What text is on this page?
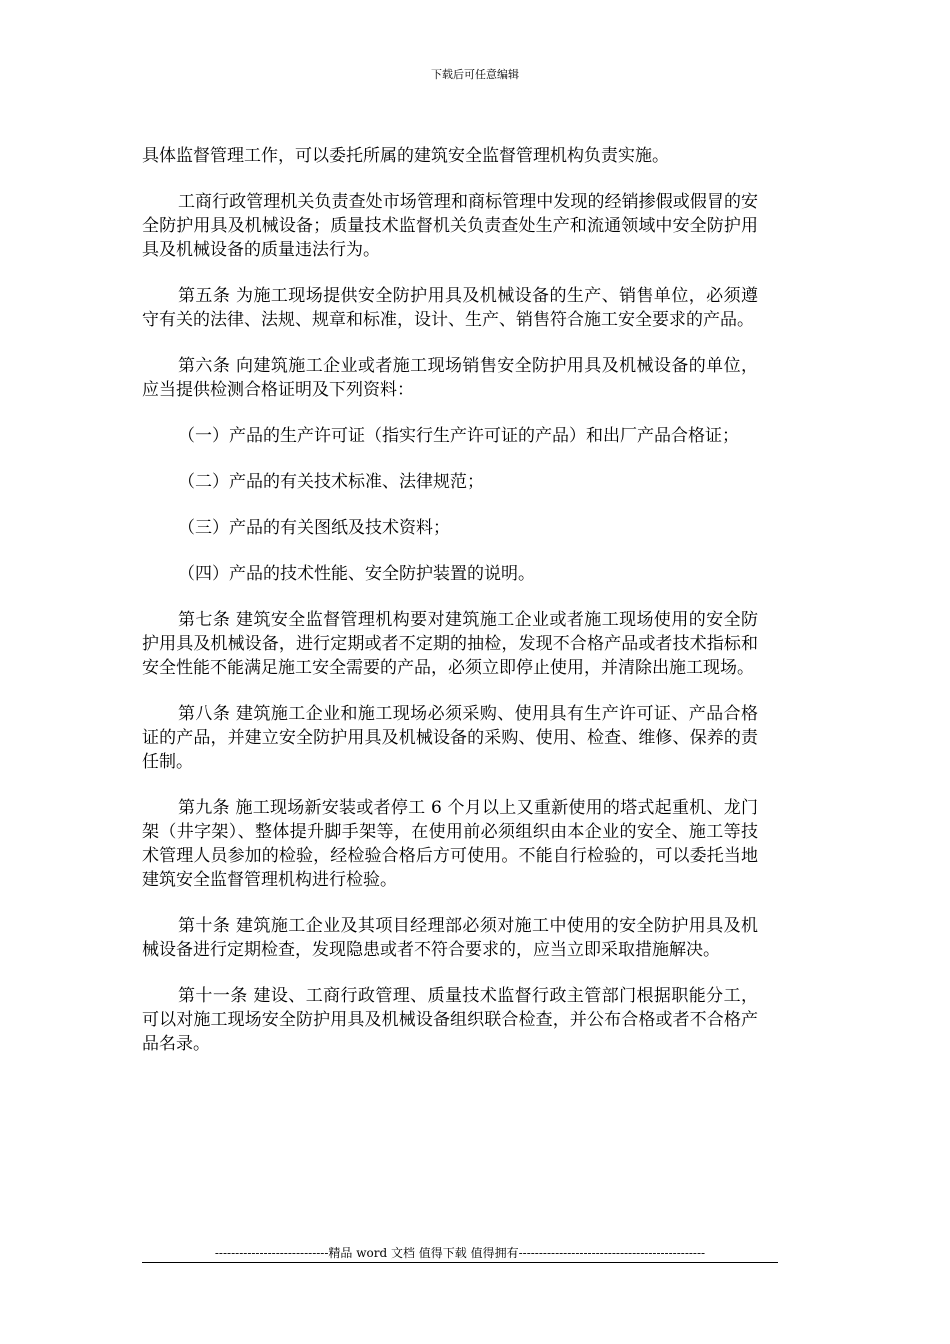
下载后可任意编辑

具体监督管理工作，可以委托所属的建筑安全监督管理机构负责实施。

工商行政管理机关负责查处市场管理和商标管理中发现的经销掺假或假冒的安全防护用具及机械设备；质量技术监督机关负责查处生产和流通领域中安全防护用具及机械设备的质量违法行为。

第五条 为施工现场提供安全防护用具及机械设备的生产、销售单位，必须遵守有关的法律、法规、规章和标准，设计、生产、销售符合施工安全要求的产品。

第六条 向建筑施工企业或者施工现场销售安全防护用具及机械设备的单位，应当提供检测合格证明及下列资料：

（一）产品的生产许可证（指实行生产许可证的产品）和出厂产品合格证；

（二）产品的有关技术标准、法律规范；

（三）产品的有关图纸及技术资料；

（四）产品的技术性能、安全防护装置的说明。

第七条 建筑安全监督管理机构要对建筑施工企业或者施工现场使用的安全防护用具及机械设备，进行定期或者不定期的抽检，发现不合格产品或者技术指标和安全性能不能满足施工安全需要的产品，必须立即停止使用，并清除出施工现场。

第八条 建筑施工企业和施工现场必须采购、使用具有生产许可证、产品合格证的产品，并建立安全防护用具及机械设备的采购、使用、检查、维修、保养的责任制。

第九条 施工现场新安装或者停工 6 个月以上又重新使用的塔式起重机、龙门架（井字架）、整体提升脚手架等，在使用前必须组织由本企业的安全、施工等技术管理人员参加的检验，经检验合格后方可使用。不能自行检验的，可以委托当地建筑安全监督管理机构进行检验。

第十条 建筑施工企业及其项目经理部必须对施工中使用的安全防护用具及机械设备进行定期检查，发现隐患或者不符合要求的，应当立即采取措施解决。

第十一条 建设、工商行政管理、质量技术监督行政主管部门根据职能分工，可以对施工现场安全防护用具及机械设备组织联合检查，并公布合格或者不合格产品名录。

----------------------------精品 word 文档 值得下载 值得拥有----------------------------------------------
